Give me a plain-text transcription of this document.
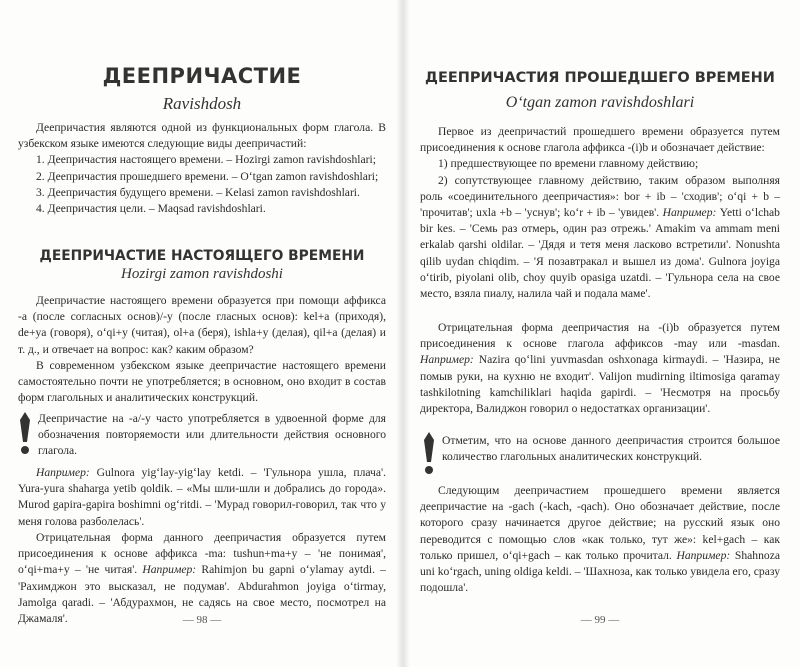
ДЕЕПРИЧАСТИЕ
Ravishdosh

Деепричастия являются одной из функциональных форм глагола. В узбекском языке имеются следующие виды деепричастий:

1. Деепричастия настоящего времени. – Hozirgi zamon ravishdoshlari;

2. Деепричастия прошедшего времени. – O‘tgan zamon ravishdoshlari;

3. Деепричастия будущего времени. – Kelasi zamon ravishdoshlari.

4. Деепричастия цели. – Maqsad ravishdoshlari.

ДЕЕПРИЧАСТИЕ НАСТОЯЩЕГО ВРЕМЕНИ
Hozirgi zamon ravishdoshi

Деепричастие настоящего времени образуется при помощи аффикса -а (после согласных основ)/-у (после гласных основ): kel+a (приходя), de+ya (говоря), o‘qi+y (читая), ol+a (беря), ishla+y (делая), qil+a (делая) и т. д., и отвечает на вопрос: как? каким образом?

В современном узбекском языке деепричастие настоящего времени самостоятельно почти не употребляется; в основном, оно входит в состав форм глагольных и аналитических конструкций.

Деепричастие на -a/-y часто употребляется в удвоенной форме для обозначения повторяемости или длительности действия основного глагола.

Например: Gulnora yig‘lay-yig‘lay ketdi. – 'Гульнора ушла, плача'. Yura-yura shaharga yetib qoldik. – «Мы шли-шли и добрались до города». Murod gapira-gapira boshimni og‘ritdi. – 'Мурад говорил-говорил, так что у меня голова разболелась'.

Отрицательная форма данного деепричастия образуется путем присоединения к основе аффикса -ma: tushun+ma+y – 'не понимая', o‘qi+ma+y – 'не читая'. Например: Rahimjon bu gapni o‘ylamay aytdi. – 'Рахимджон это высказал, не подумав'. Abdurahmon joyiga o‘tirmay, Jamolga qaradi. – 'Абдурахмон, не садясь на свое место, посмотрел на Джамаля'.	— 98 —
ДЕЕПРИЧАСТИЯ ПРОШЕДШЕГО ВРЕМЕНИ
O‘tgan zamon ravishdoshlari

Первое из деепричастий прошедшего времени образуется путем присоединения к основе глагола аффикса -(i)b и обозначает действие:

1) предшествующее по времени главному действию;

2) сопутствующее главному действию, таким образом выполняя роль «соединительного деепричастия»: bor + ib – 'сходив'; o‘qi + b – 'прочитав'; uxla +b – 'уснув'; ko‘r + ib – 'увидев'. Например: Yetti o‘lchab bir kes. – 'Семь раз отмерь, один раз отрежь.' Amakim va ammam meni erkalab qarshi oldilar. – 'Дядя и тетя меня ласково встретили'. Nonushta qilib uydan chiqdim. – 'Я позавтракал и вышел из дома'. Gulnora joyiga o‘tirib, piyolani olib, choy quyib opasiga uzatdi. – 'Гульнора села на свое место, взяла пиалу, налила чай и подала маме'.

Отрицательная форма деепричастия на -(i)b образуется путем присоединения к основе глагола аффиксов -may или -masdan. Например: Nazira qo‘lini yuvmasdan oshxonaga kirmaydi. – 'Назира, не помыв руки, на кухню не входит'. Valijon mudirning iltimosiga qaramay tashkilotning kamchiliklari haqida gapirdi. – 'Несмотря на просьбу директора, Валиджон говорил о недостатках организации'.

Отметим, что на основе данного деепричастия строится большое количество глагольных аналитических конструкций.

Следующим деепричастием прошедшего времени является деепричастие на -gach (-kach, -qach). Оно обозначает действие, после которого сразу начинается другое действие; на русский язык оно переводится с помощью слов «как только, тут же»: kel+gach – как только пришел, o‘qi+gach – как только прочитал. Например: Shahnoza uni ko‘rgach, uning oldiga keldi. – 'Шахноза, как только увидела его, сразу подошла'.

— 99 —
